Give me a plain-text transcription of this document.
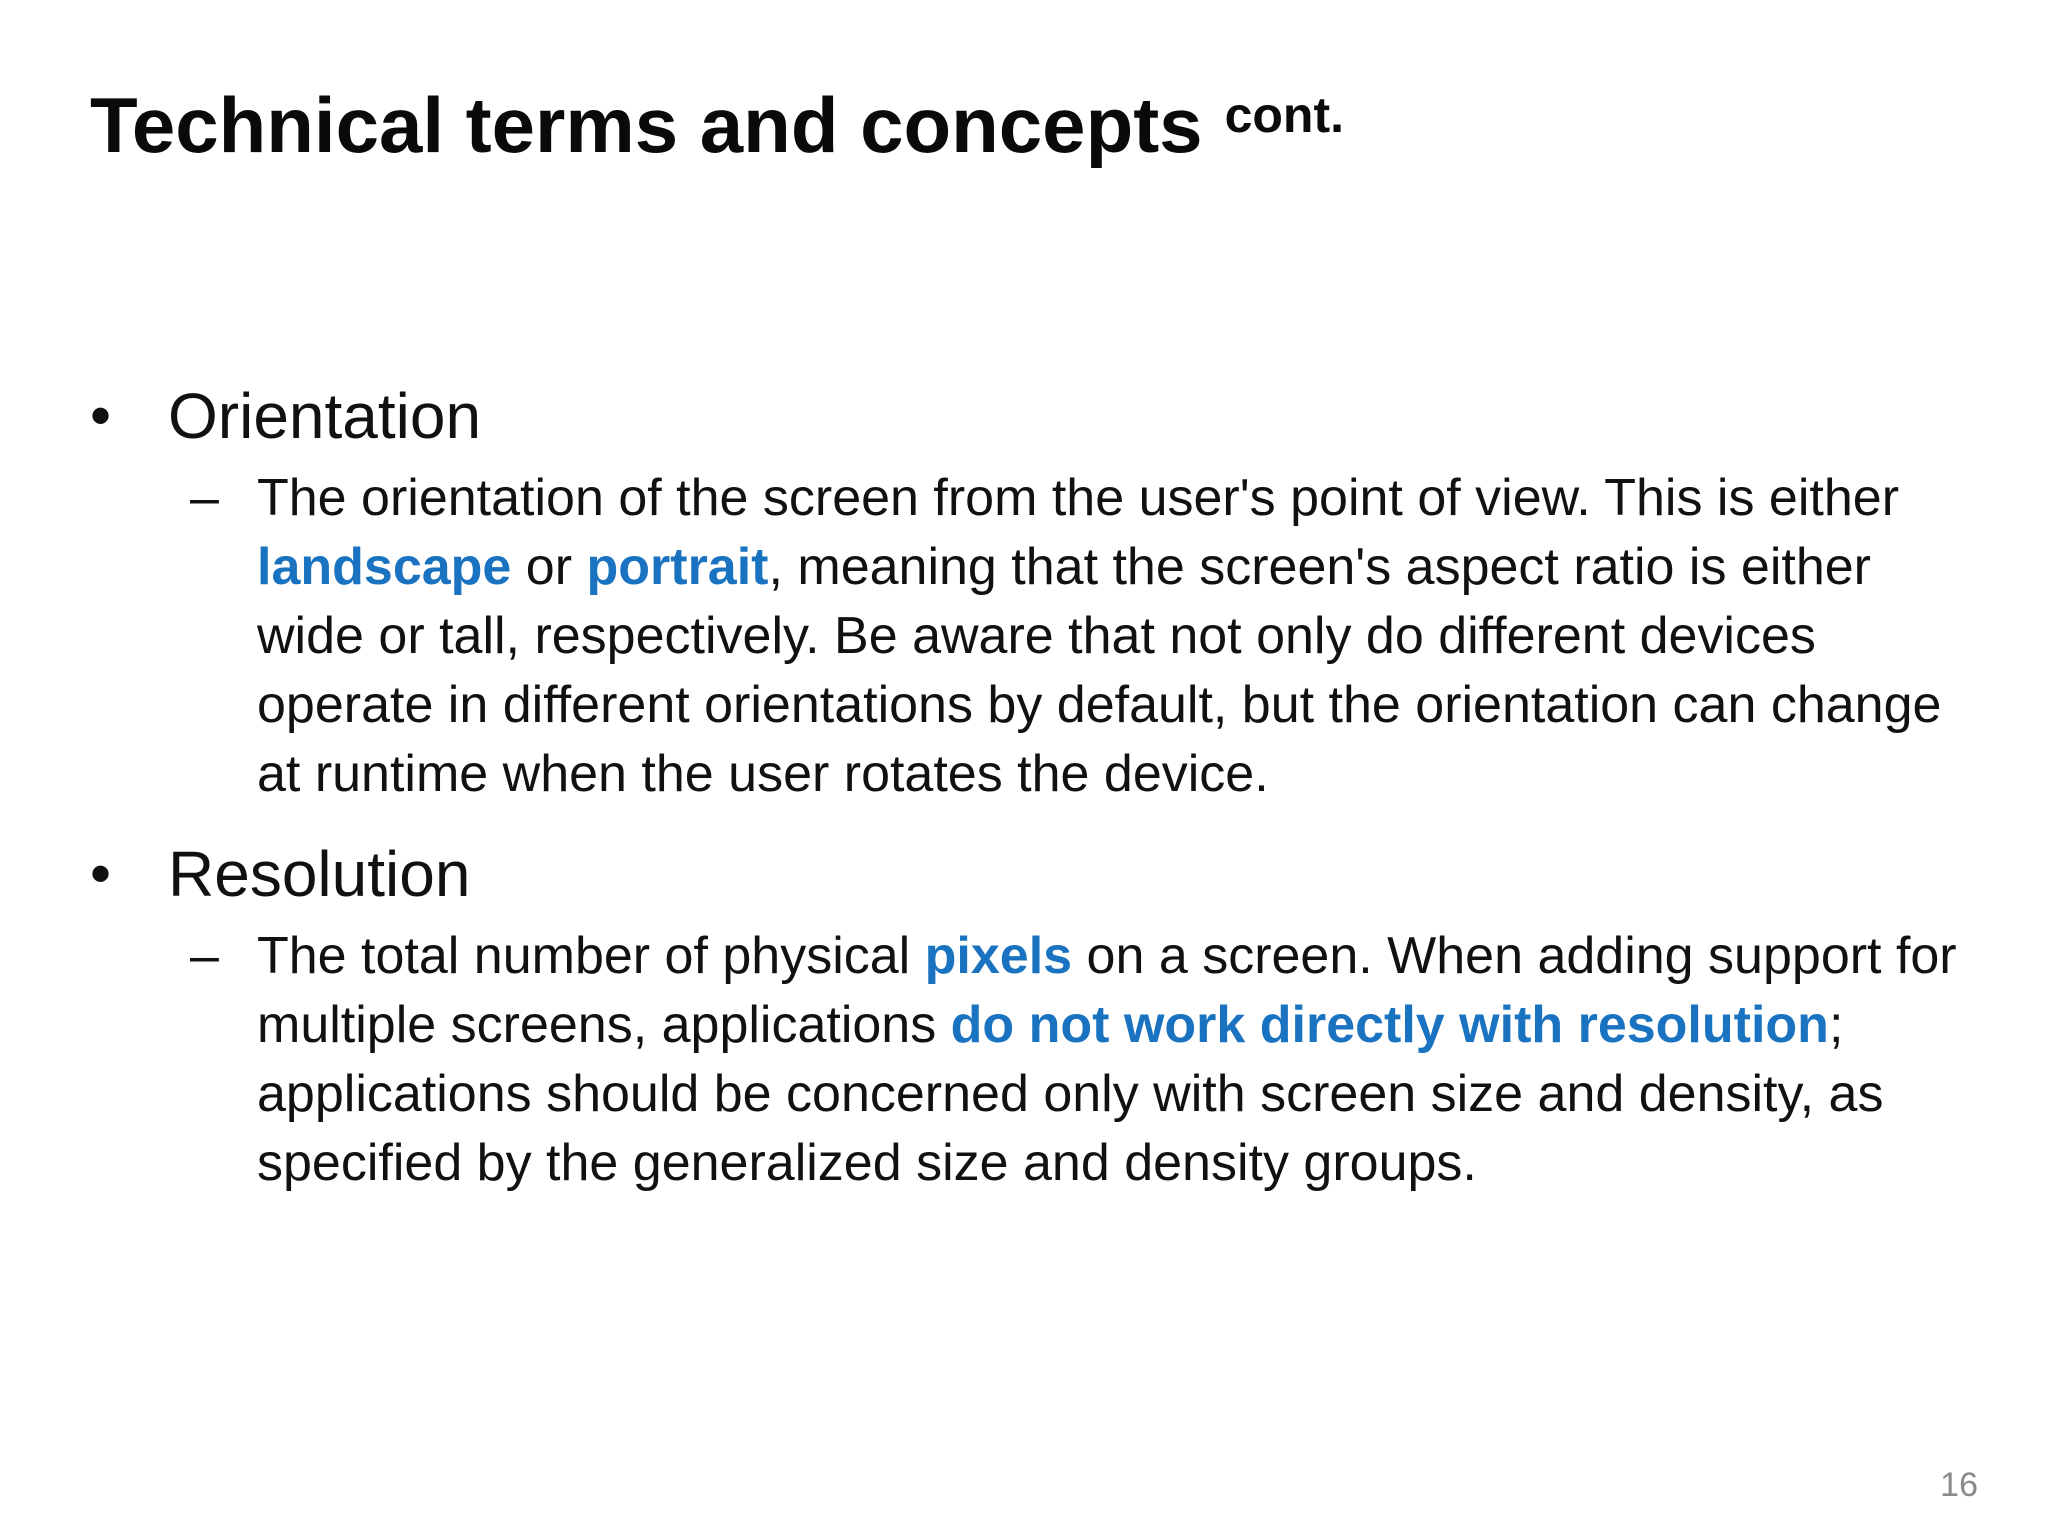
Technical terms and concepts $^{cont.}$
• Orientation
– The orientation of the screen from the user's point of view. This is either landscape or portrait, meaning that the screen's aspect ratio is either wide or tall, respectively. Be aware that not only do different devices operate in different orientations by default, but the orientation can change at runtime when the user rotates the device.
• Resolution
– The total number of physical pixels on a screen. When adding support for multiple screens, applications do not work directly with resolution; applications should be concerned only with screen size and density, as specified by the generalized size and density groups.
16
